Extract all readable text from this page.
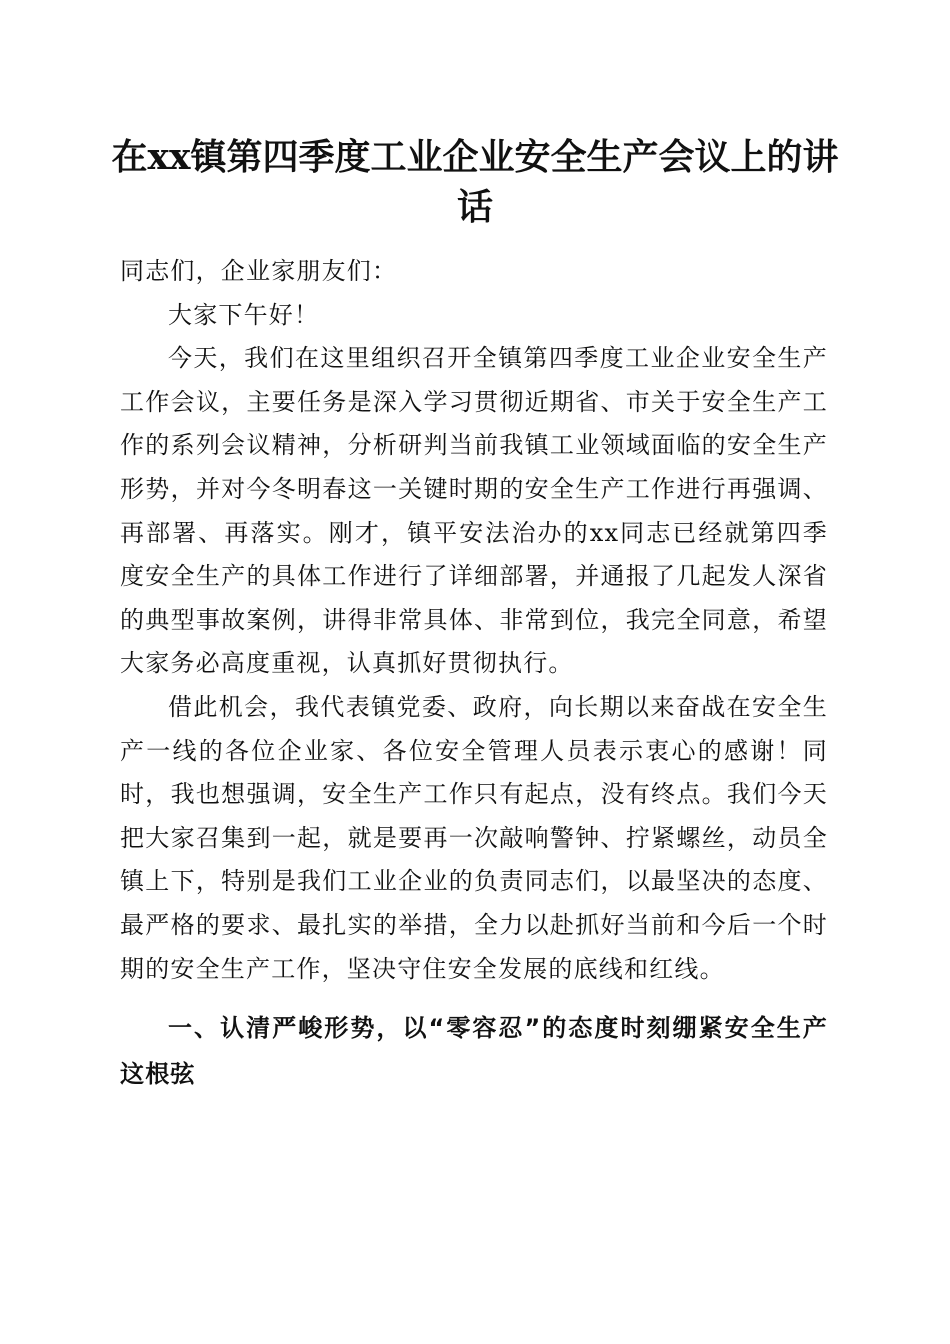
在xx镇第四季度工业企业安全生产会议上的讲话

同志们，企业家朋友们：

大家下午好！

今天，我们在这里组织召开全镇第四季度工业企业安全生产工作会议，主要任务是深入学习贯彻近期省、市关于安全生产工作的系列会议精神，分析研判当前我镇工业领域面临的安全生产形势，并对今冬明春这一关键时期的安全生产工作进行再强调、再部署、再落实。刚才，镇平安法治办的xx同志已经就第四季度安全生产的具体工作进行了详细部署，并通报了几起发人深省的典型事故案例，讲得非常具体、非常到位，我完全同意，希望大家务必高度重视，认真抓好贯彻执行。

借此机会，我代表镇党委、政府，向长期以来奋战在安全生产一线的各位企业家、各位安全管理人员表示衷心的感谢！同时，我也想强调，安全生产工作只有起点，没有终点。我们今天把大家召集到一起，就是要再一次敲响警钟、拧紧螺丝，动员全镇上下，特别是我们工业企业的负责同志们，以最坚决的态度、最严格的要求、最扎实的举措，全力以赴抓好当前和今后一个时期的安全生产工作，坚决守住安全发展的底线和红线。

一、认清严峻形势，以“零容忍”的态度时刻绷紧安全生产这根弦
